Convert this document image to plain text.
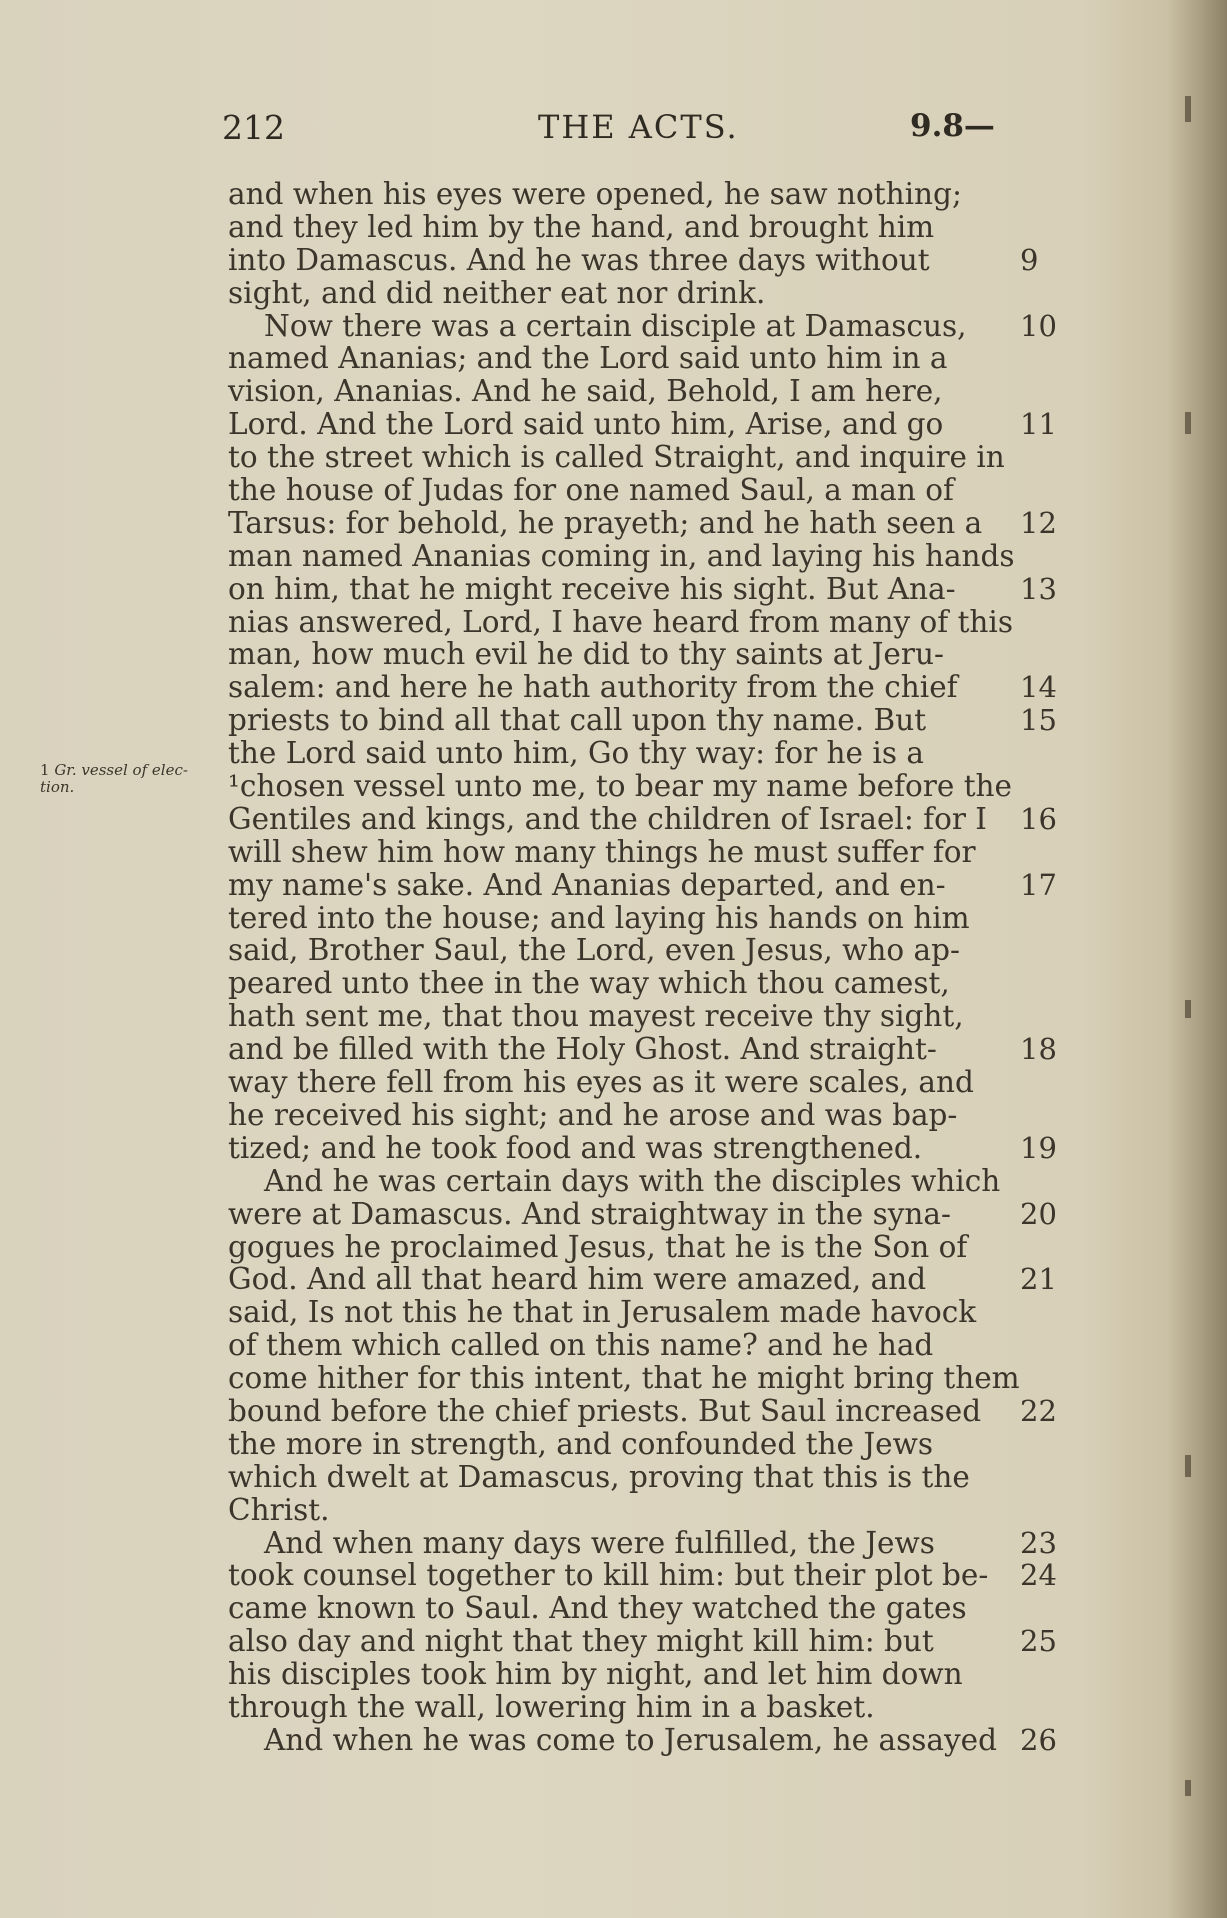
212	THE ACTS.	9.8—
1 Gr. vessel of elec-tion.
and when his eyes were opened, he saw nothing;
and they led him by the hand, and brought him
into Damascus. And he was three days without	9
sight, and did neither eat nor drink.
Now there was a certain disciple at Damascus, 10
named Ananias; and the Lord said unto him in a
vision, Ananias. And he said, Behold, I am here,
Lord. And the Lord said unto him, Arise, and go	11
to the street which is called Straight, and inquire in
the house of Judas for one named Saul, a man of
Tarsus: for behold, he prayeth; and he hath seen a 12
man named Ananias coming in, and laying his hands
on him, that he might receive his sight. But Ana- 13
nias answered, Lord, I have heard from many of this
man, how much evil he did to thy saints at Jeru-
salem: and here he hath authority from the chief 14
priests to bind all that call upon thy name. But	15
the Lord said unto him, Go thy way: for he is a
¹chosen vessel unto me, to bear my name before the
Gentiles and kings, and the children of Israel: for I 16
will shew him how many things he must suffer for
my name's sake. And Ananias departed, and en-	17
tered into the house; and laying his hands on him
said, Brother Saul, the Lord, even Jesus, who ap-
peared unto thee in the way which thou camest,
hath sent me, that thou mayest receive thy sight,
and be filled with the Holy Ghost. And straight-	18
way there fell from his eyes as it were scales, and
he received his sight; and he arose and was bap-
tized; and he took food and was strengthened.	19
And he was certain days with the disciples which
were at Damascus. And straightway in the syna- 20
gogues he proclaimed Jesus, that he is the Son of
God. And all that heard him were amazed, and	21
said, Is not this he that in Jerusalem made havock
of them which called on this name? and he had
come hither for this intent, that he might bring them
bound before the chief priests. But Saul increased 22
the more in strength, and confounded the Jews
which dwelt at Damascus, proving that this is the
Christ.
And when many days were fulfilled, the Jews	23
took counsel together to kill him: but their plot be- 24
came known to Saul. And they watched the gates
also day and night that they might kill him: but	25
his disciples took him by night, and let him down
through the wall, lowering him in a basket.
And when he was come to Jerusalem, he assayed 26
